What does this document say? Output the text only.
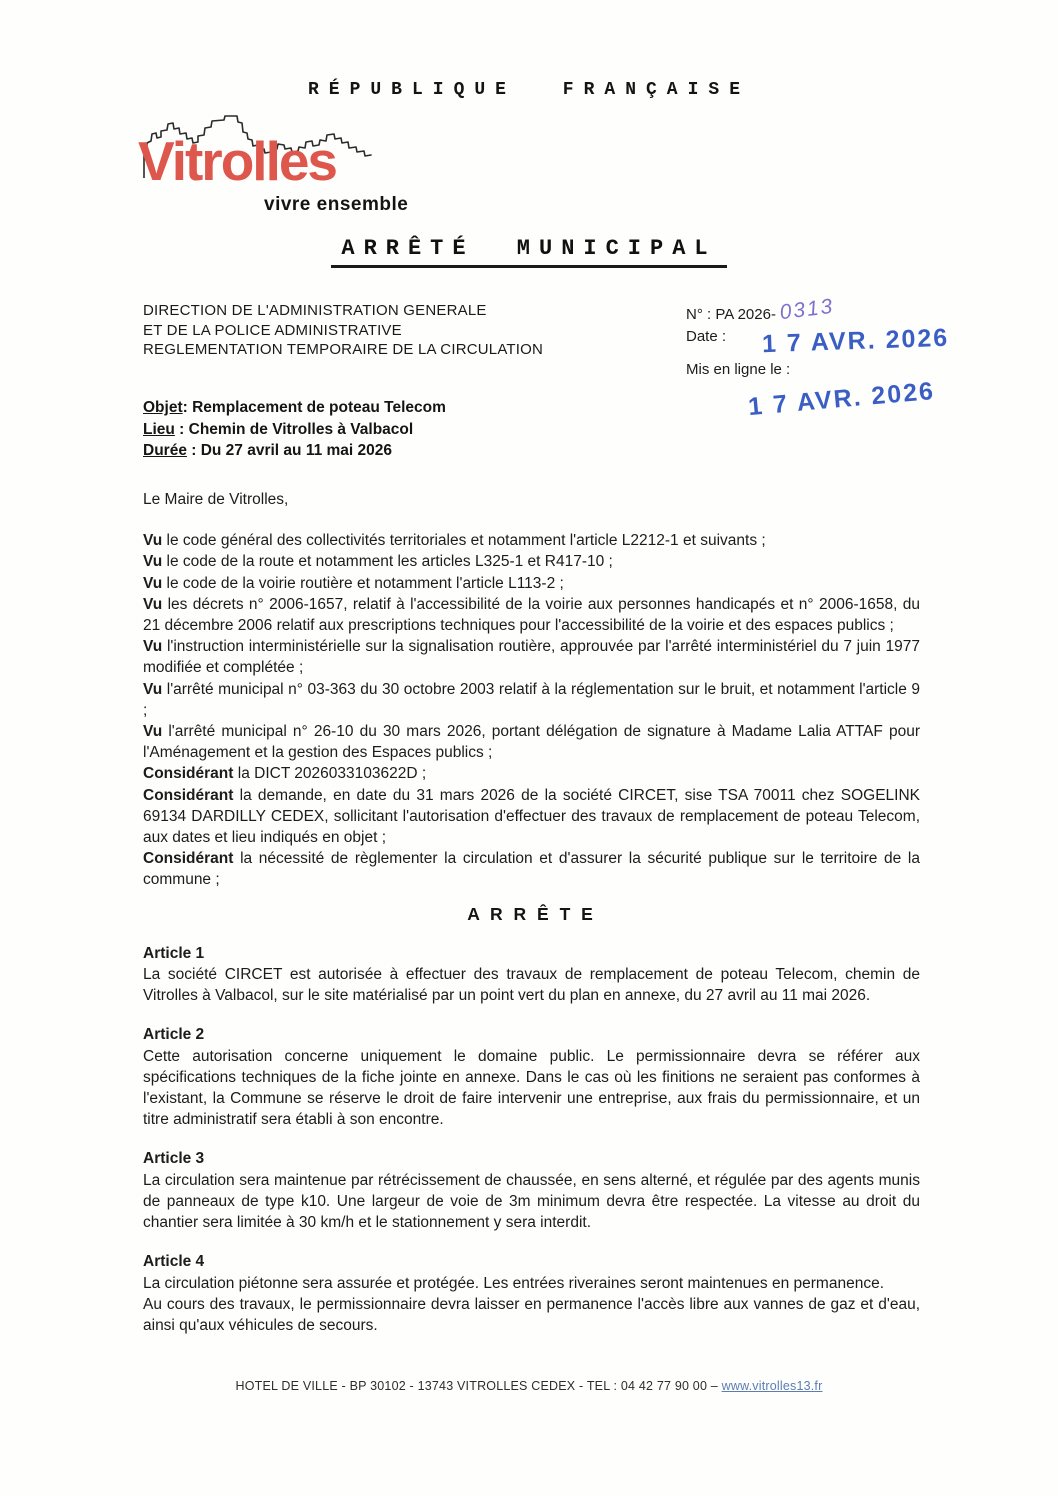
RÉPUBLIQUE FRANÇAISE
Vitrolles
vivre ensemble
ARRÊTÉ MUNICIPAL
DIRECTION DE L'ADMINISTRATION GENERALE
ET DE LA POLICE ADMINISTRATIVE
REGLEMENTATION TEMPORAIRE DE LA CIRCULATION
N° : PA 2026- 0313
Date :	1 7 AVR. 2026
Mis en ligne le :
1 7 AVR. 2026
Objet: Remplacement de poteau Telecom
Lieu : Chemin de Vitrolles à Valbacol
Durée : Du 27 avril au 11 mai 2026

Le Maire de Vitrolles,

Vu le code général des collectivités territoriales et notamment l'article L2212-1 et suivants ;

Vu le code de la route et notamment les articles L325-1 et R417-10 ;

Vu le code de la voirie routière et notamment l'article L113-2 ;

Vu les décrets n° 2006-1657, relatif à l'accessibilité de la voirie aux personnes handicapés et n° 2006-1658, du 21 décembre 2006 relatif aux prescriptions techniques pour l'accessibilité de la voirie et des espaces publics ;

Vu l'instruction interministérielle sur la signalisation routière, approuvée par l'arrêté interministériel du 7 juin 1977 modifiée et complétée ;

Vu l'arrêté municipal n° 03-363 du 30 octobre 2003 relatif à la réglementation sur le bruit, et notamment l'article 9 ;

Vu l'arrêté municipal n° 26-10 du 30 mars 2026, portant délégation de signature à Madame Lalia ATTAF pour l'Aménagement et la gestion des Espaces publics ;

Considérant la DICT 2026033103622D ;

Considérant la demande, en date du 31 mars 2026 de la société CIRCET, sise TSA 70011 chez SOGELINK 69134 DARDILLY CEDEX, sollicitant l'autorisation d'effectuer des travaux de remplacement de poteau Telecom, aux dates et lieu indiqués en objet ;

Considérant la nécessité de règlementer la circulation et d'assurer la sécurité publique sur le territoire de la commune ;

A R R Ê T E

Article 1

La société CIRCET est autorisée à effectuer des travaux de remplacement de poteau Telecom, chemin de Vitrolles à Valbacol, sur le site matérialisé par un point vert du plan en annexe, du 27 avril au 11 mai 2026.

Article 2

Cette autorisation concerne uniquement le domaine public. Le permissionnaire devra se référer aux spécifications techniques de la fiche jointe en annexe. Dans le cas où les finitions ne seraient pas conformes à l'existant, la Commune se réserve le droit de faire intervenir une entreprise, aux frais du permissionnaire, et un titre administratif sera établi à son encontre.

Article 3

La circulation sera maintenue par rétrécissement de chaussée, en sens alterné, et régulée par des agents munis de panneaux de type k10. Une largeur de voie de 3m minimum devra être respectée. La vitesse au droit du chantier sera limitée à 30 km/h et le stationnement y sera interdit.

Article 4

La circulation piétonne sera assurée et protégée. Les entrées riveraines seront maintenues en permanence.

Au cours des travaux, le permissionnaire devra laisser en permanence l'accès libre aux vannes de gaz et d'eau, ainsi qu'aux véhicules de secours.

HOTEL DE VILLE - BP 30102 - 13743 VITROLLES CEDEX - TEL : 04 42 77 90 00 – www.vitrolles13.fr
